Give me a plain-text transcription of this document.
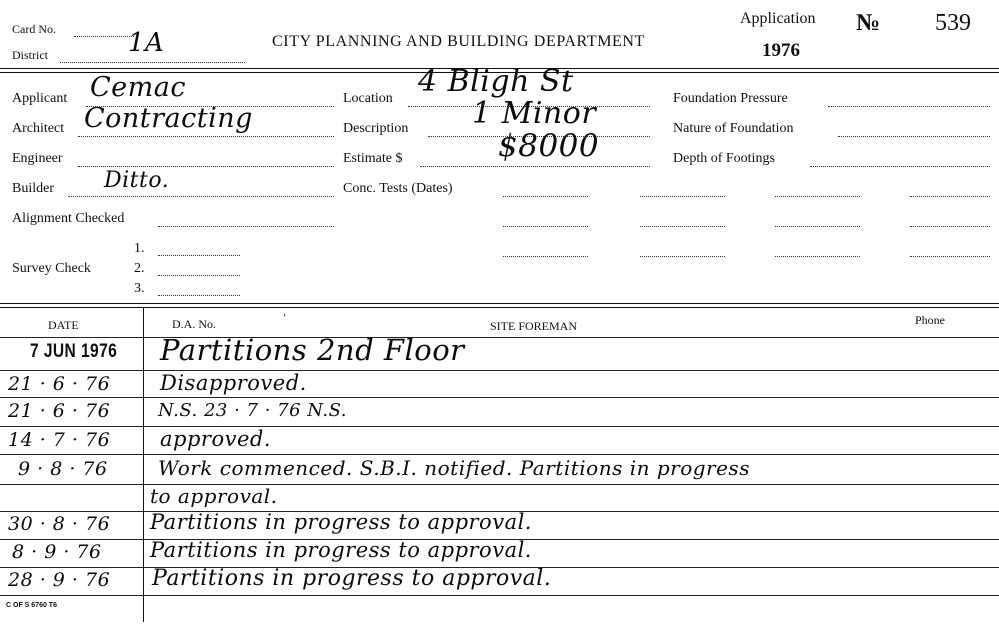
Card No.
District	1A	CITY PLANNING AND BUILDING DEPARTMENT
Application
1976
№ 539
Applicant Cemac
Architect Contracting
Engineer
Builder Ditto.
Alignment Checked
Survey Check
1.
2.
3.
Location 4 Bligh St
Description 1 Minor
Estimate $	$8000
Conc. Tests (Dates)
Foundation Pressure
Nature of Foundation
Depth of Footings
DATE	D.A. No.	SITE FOREMAN	Phone
ˈ
7 JUN 1976 Partitions 2nd Floor
21 · 6 · 76 Disapproved.
21 · 6 · 76	N.S. 23 · 7 · 76 N.S.
14 · 7 · 76 approved.
9 · 8 · 76	Work commenced. S.B.I. notified. Partitions in progress
to approval.
30 · 8 · 76 Partitions in progress to approval.
8 · 9 · 76 Partitions in progress to approval.
28 · 9 · 76 Partitions in progress to approval.
C OF S 6760 T6
